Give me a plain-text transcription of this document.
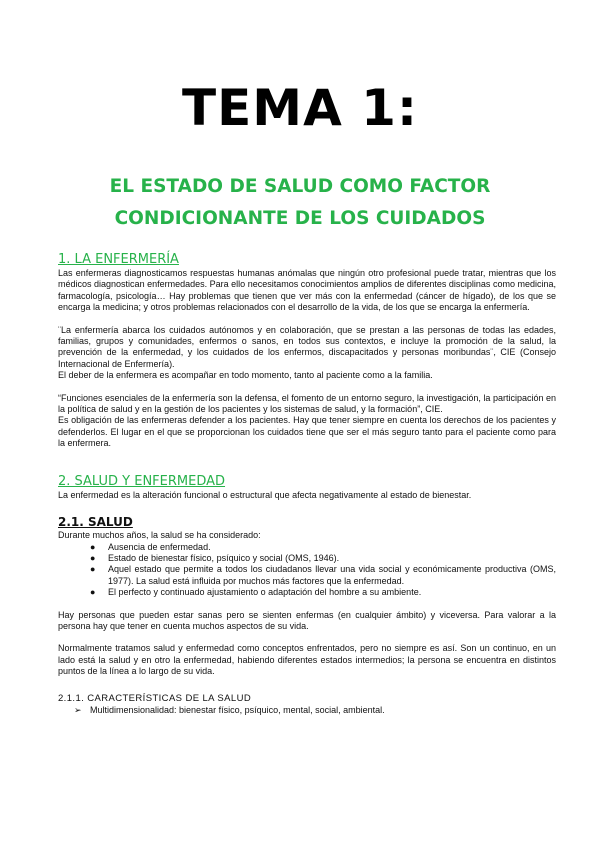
TEMA 1:
EL ESTADO DE SALUD COMO FACTOR
CONDICIONANTE DE LOS CUIDADOS
1. LA ENFERMERÍA

Las enfermeras diagnosticamos respuestas humanas anómalas que ningún otro profesional puede tratar, mientras que los médicos diagnostican enfermedades. Para ello necesitamos conocimientos amplios de diferentes disciplinas como medicina, farmacología, psicología… Hay problemas que tienen que ver más con la enfermedad (cáncer de hígado), de los que se encarga la medicina; y otros problemas relacionados con el desarrollo de la vida, de los que se encarga la enfermería.

¨La enfermería abarca los cuidados autónomos y en colaboración, que se prestan a las personas de todas las edades, familias, grupos y comunidades, enfermos o sanos, en todos sus contextos, e incluye la promoción de la salud, la prevención de la enfermedad, y los cuidados de los enfermos, discapacitados y personas moribundas¨, CIE (Consejo Internacional de Enfermería).

El deber de la enfermera es acompañar en todo momento, tanto al paciente como a la familia.

“Funciones esenciales de la enfermería son la defensa, el fomento de un entorno seguro, la investigación, la participación en la política de salud y en la gestión de los pacientes y los sistemas de salud, y la formación”, CIE.

Es obligación de las enfermeras defender a los pacientes. Hay que tener siempre en cuenta los derechos de los pacientes y defenderlos. El lugar en el que se proporcionan los cuidados tiene que ser el más seguro tanto para el paciente como para la enfermera.

2. SALUD Y ENFERMEDAD

La enfermedad es la alteración funcional o estructural que afecta negativamente al estado de bienestar.

2.1. SALUD

Durante muchos años, la salud se ha considerado:

● Ausencia de enfermedad.
● Estado de bienestar físico, psíquico y social (OMS, 1946).
● Aquel estado que permite a todos los ciudadanos llevar una vida social y económicamente productiva (OMS, 1977). La salud está influida por muchos más factores que la enfermedad.
● El perfecto y continuado ajustamiento o adaptación del hombre a su ambiente.

Hay personas que pueden estar sanas pero se sienten enfermas (en cualquier ámbito) y viceversa. Para valorar a la persona hay que tener en cuenta muchos aspectos de su vida.

Normalmente tratamos salud y enfermedad como conceptos enfrentados, pero no siempre es así. Son un continuo, en un lado está la salud y en otro la enfermedad, habiendo diferentes estados intermedios; la persona se encuentra en distintos puntos de la línea a lo largo de su vida.

2.1.1. CARACTERÍSTICAS DE LA SALUD
➢ Multidimensionalidad: bienestar físico, psíquico, mental, social, ambiental.
